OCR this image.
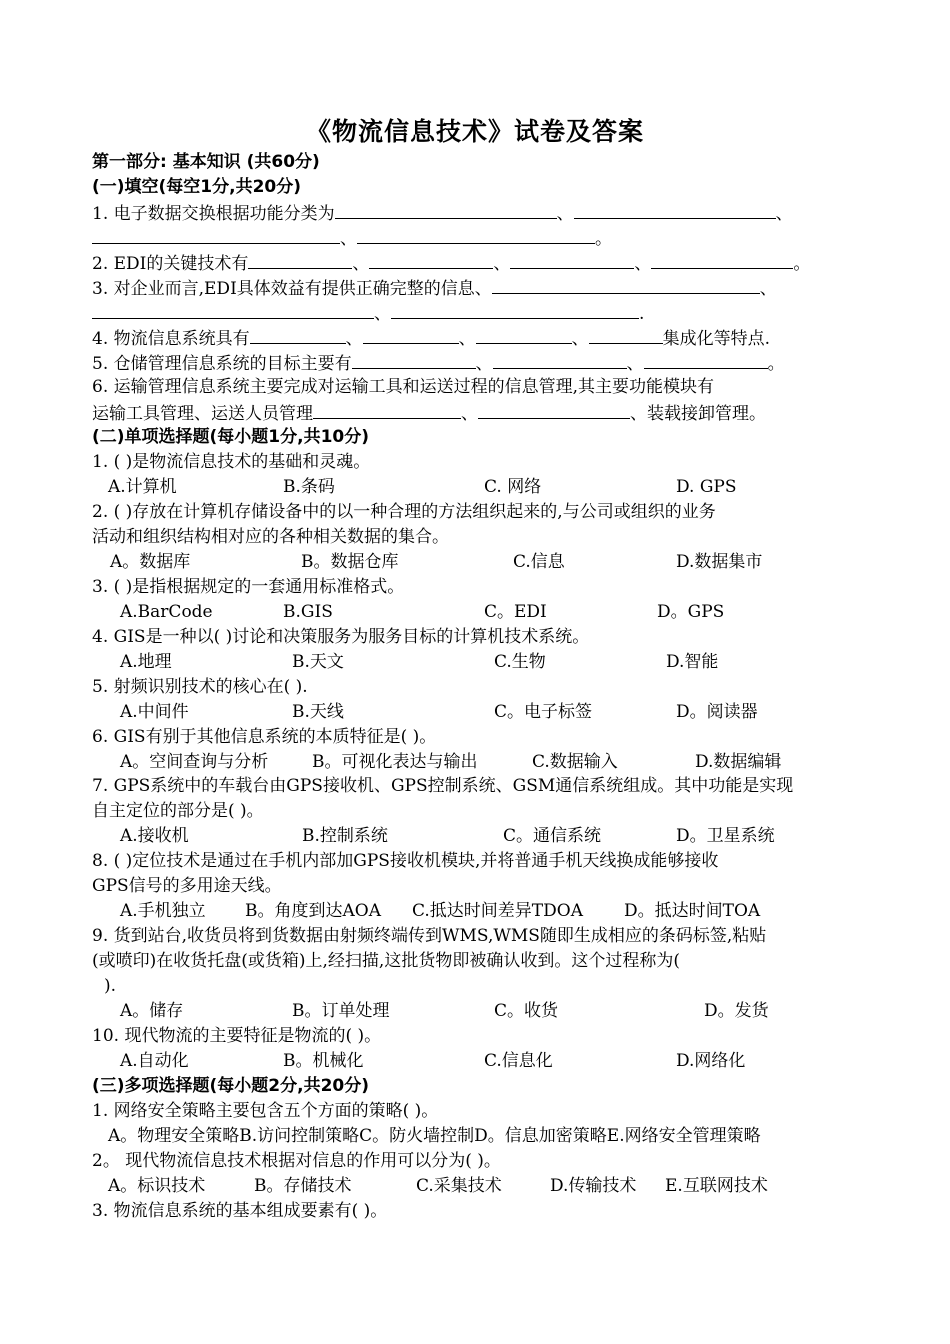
《物流信息技术》试卷及答案
第一部分: 基本知识 (共60分)
(一)填空(每空1分,共20分)
1. 电子数据交换根据功能分类为	、	、
、	。
2. EDI的关键技术有	、	、	、	。
3. 对企业而言,EDI具体效益有提供正确完整的信息、	、
、	.
4. 物流信息系统具有	、	、	、	集成化等特点.
5. 仓储管理信息系统的目标主要有	、	、	。
6. 运输管理信息系统主要完成对运输工具和运送过程的信息管理,其主要功能模块有
运输工具管理、运送人员管理	、	、装载接卸管理。
(二)单项选择题(每小题1分,共10分)
1. ( )是物流信息技术的基础和灵魂。
A.计算机	B.条码	C. 网络	D. GPS
2. ( )存放在计算机存储设备中的以一种合理的方法组织起来的,与公司或组织的业务
活动和组织结构相对应的各种相关数据的集合。
A。数据库	B。数据仓库	C.信息	D.数据集市
3. ( )是指根据规定的一套通用标准格式。
A.BarCode	B.GIS	C。EDI	D。GPS
4. GIS是一种以( )讨论和决策服务为服务目标的计算机技术系统。
A.地理	B.天文	C.生物	D.智能
5. 射频识别技术的核心在( ).
A.中间件	B.天线	C。电子标签	D。阅读器
6. GIS有别于其他信息系统的本质特征是( )。
A。空间查询与分析	B。可视化表达与输出	C.数据输入	D.数据编辑
7. GPS系统中的车载台由GPS接收机、GPS控制系统、GSM通信系统组成。其中功能是实现
自主定位的部分是( )。
A.接收机	B.控制系统	C。通信系统	D。卫星系统
8. ( )定位技术是通过在手机内部加GPS接收机模块,并将普通手机天线换成能够接收
GPS信号的多用途天线。
A.手机独立 B。角度到达AOA C.抵达时间差异TDOA D。抵达时间TOA
9. 货到站台,收货员将到货数据由射频终端传到WMS,WMS随即生成相应的条码标签,粘贴
(或喷印)在收货托盘(或货箱)上,经扫描,这批货物即被确认收到。这个过程称为(
).
A。储存	B。订单处理	C。收货	D。发货
10. 现代物流的主要特征是物流的( )。
A.自动化	B。机械化	C.信息化	D.网络化
(三)多项选择题(每小题2分,共20分)
1. 网络安全策略主要包含五个方面的策略( )。
A。物理安全策略B.访问控制策略C。防火墙控制D。信息加密策略E.网络安全管理策略
2。 现代物流信息技术根据对信息的作用可以分为( )。
A。标识技术	B。存储技术	C.采集技术	D.传输技术 E.互联网技术
3. 物流信息系统的基本组成要素有( )。
